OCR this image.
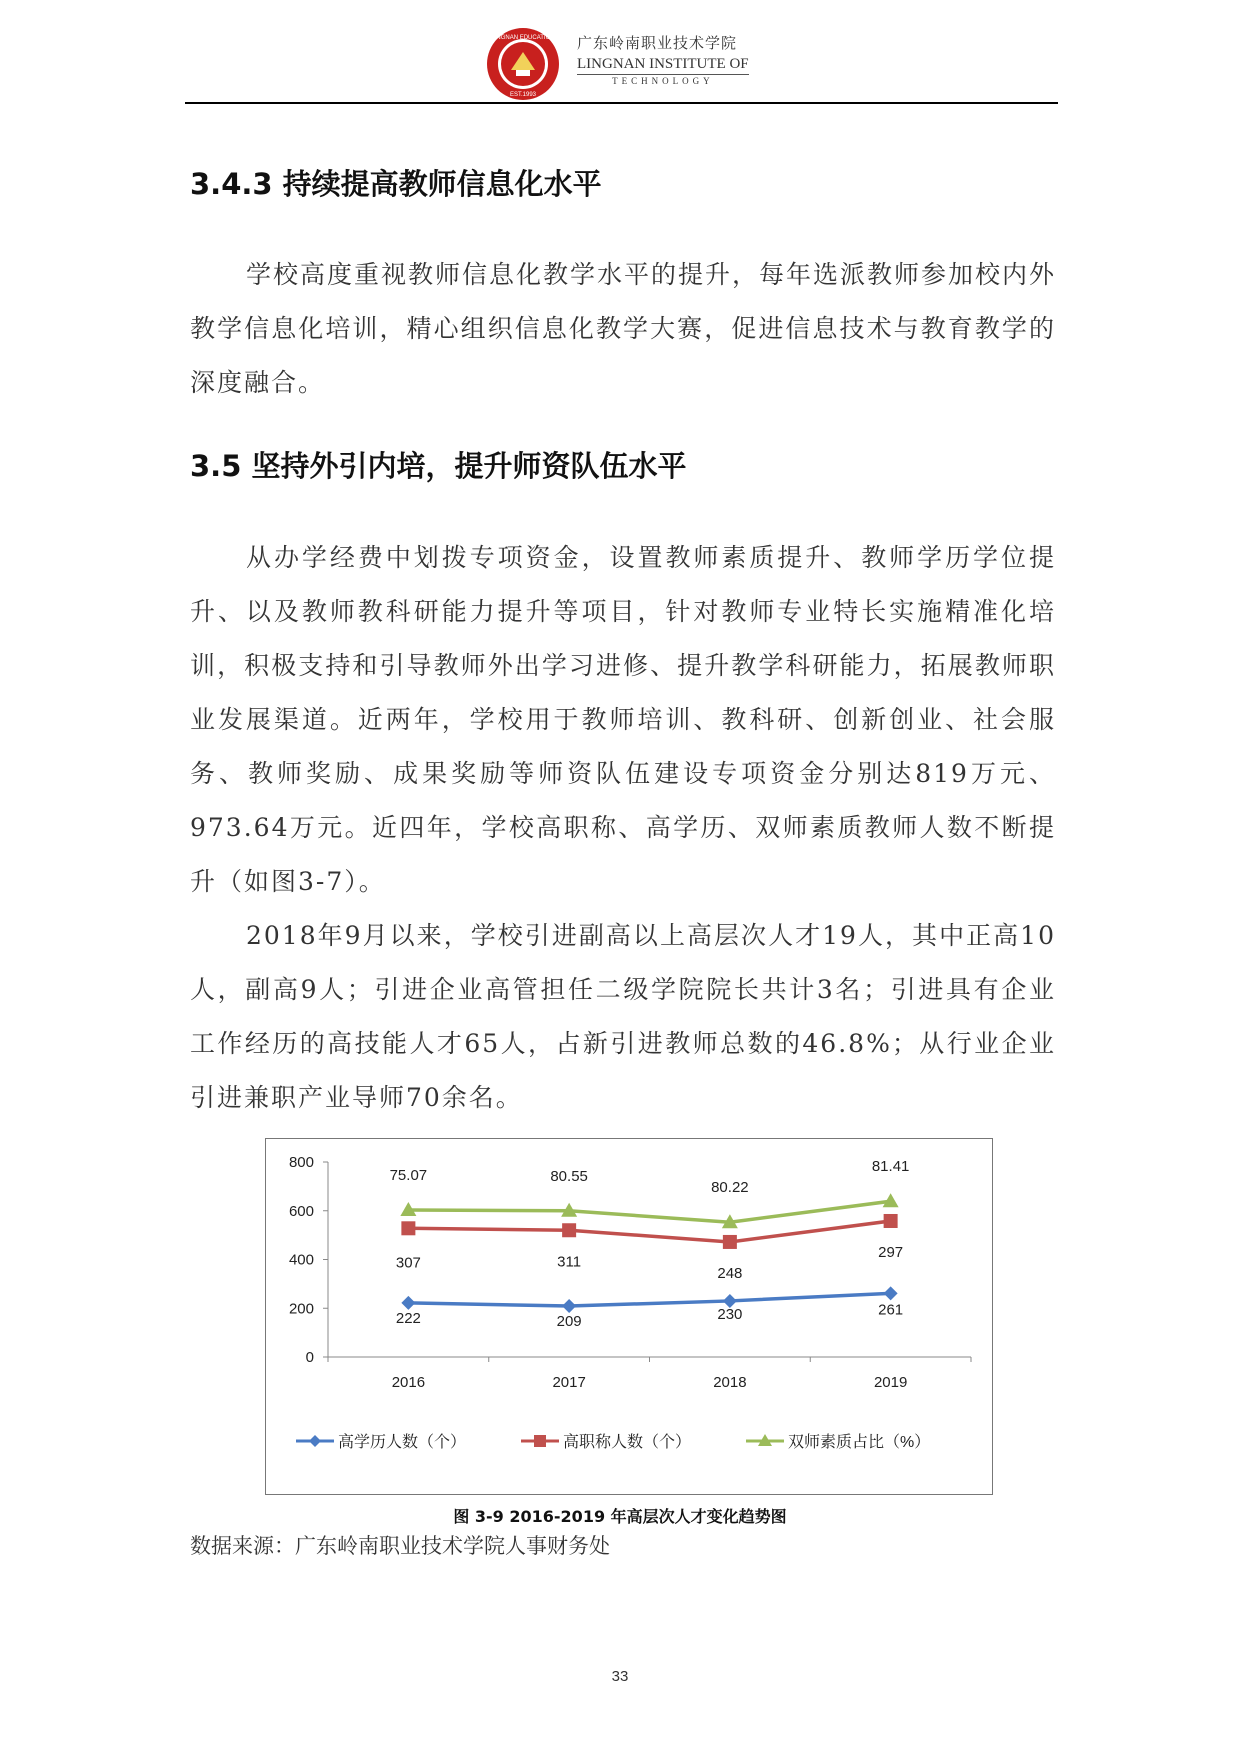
LINGNAN EDUCATION
EST.1993
广东岭南职业技术学院
LINGNAN INSTITUTE OF
TECHNOLOGY
3.4.3 持续提高教师信息化水平

学校高度重视教师信息化教学水平的提升，每年选派教师参加校内外教学信息化培训，精心组织信息化教学大赛，促进信息技术与教育教学的深度融合。

3.5 坚持外引内培，提升师资队伍水平

从办学经费中划拨专项资金，设置教师素质提升、教师学历学位提升、以及教师教科研能力提升等项目，针对教师专业特长实施精准化培训，积极支持和引导教师外出学习进修、提升教学科研能力，拓展教师职业发展渠道。近两年，学校用于教师培训、教科研、创新创业、社会服务、教师奖励、成果奖励等师资队伍建设专项资金分别达819万元、973.64万元。近四年，学校高职称、高学历、双师素质教师人数不断提升（如图3-7）。

2018年9月以来，学校引进副高以上高层次人才19人，其中正高10人，副高9人；引进企业高管担任二级学院院长共计3名；引进具有企业工作经历的高技能人才65人，占新引进教师总数的46.8%；从行业企业引进兼职产业导师70余名。

0
200
400
600
800
2016	2017	2018	2019
222	209	230	261
307	311
248
297
75.07	80.55
80.22
81.41
高学历人数（个）	高职称人数（个）	双师素质占比（%）
图 3-9 2016-2019 年高层次人才变化趋势图
数据来源：广东岭南职业技术学院人事财务处
33
